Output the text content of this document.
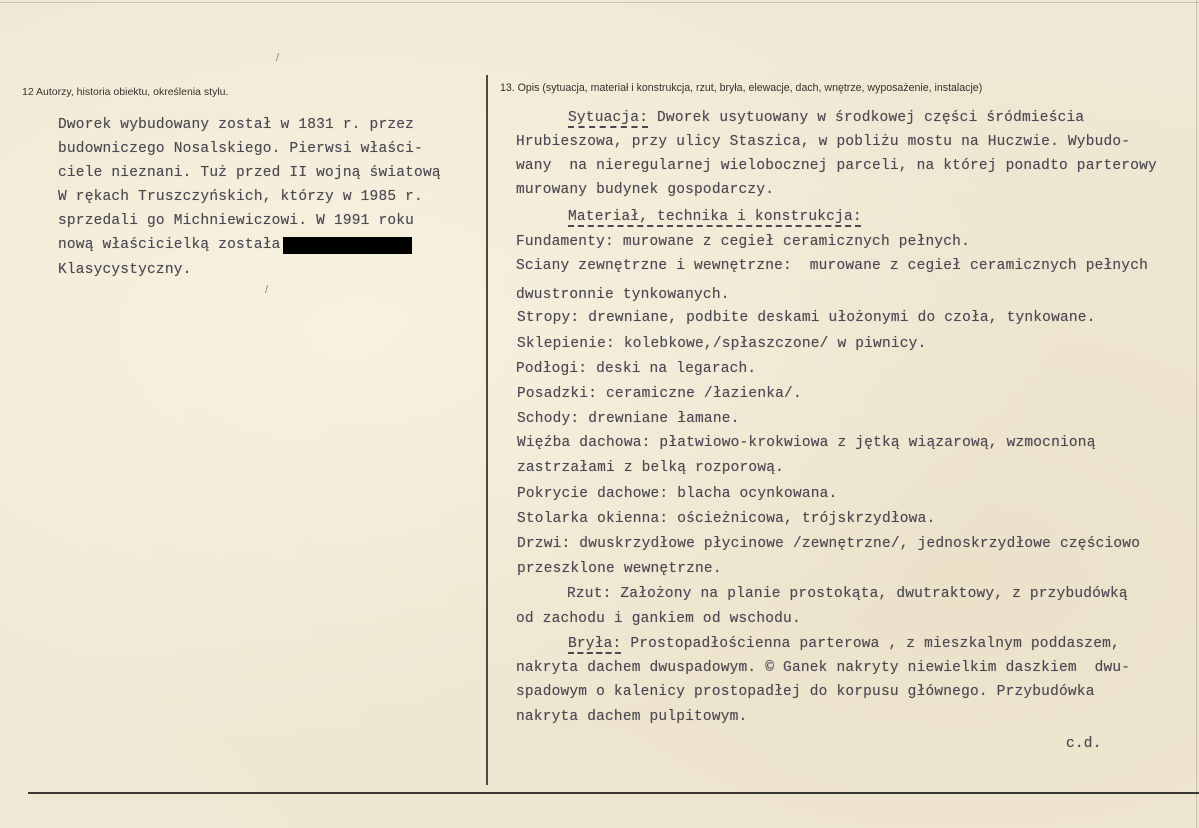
/
/
12 Autorzy, historia obiektu, określenia stylu.
Dworek wybudowany został w 1831 r. przez
budowniczego Nosalskiego. Pierwsi właści-
ciele nieznani. Tuż przed II wojną światową
W rękach Truszczyńskich, którzy w 1985 r.
sprzedali go Michniewiczowi. W 1991 roku
nową właścicielką została
Klasycystyczny.
13. Opis (sytuacja, materiał i konstrukcja, rzut, bryła, elewacje, dach, wnętrze, wyposażenie, instalacje)
Sytuacja: Dworek usytuowany w środkowej części śródmieścia
Hrubieszowa, przy ulicy Staszica, w pobliżu mostu na Huczwie. Wybudo-
wany  na nieregularnej wielobocznej parceli, na której ponadto parterowy
murowany budynek gospodarczy.
Materiał, technika i konstrukcja:
Fundamenty: murowane z cegieł ceramicznych pełnych.
Sciany zewnętrzne i wewnętrzne:  murowane z cegieł ceramicznych pełnych
dwustronnie tynkowanych.
Stropy: drewniane, podbite deskami ułożonymi do czoła, tynkowane.
Sklepienie: kolebkowe,/spłaszczone/ w piwnicy.
Podłogi: deski na legarach.
Posadzki: ceramiczne /łazienka/.
Schody: drewniane łamane.
Więźba dachowa: płatwiowo-krokwiowa z jętką wiązarową, wzmocnioną
zastrzałami z belką rozporową.
Pokrycie dachowe: blacha ocynkowana.
Stolarka okienna: ościeżnicowa, trójskrzydłowa.
Drzwi: dwuskrzydłowe płycinowe /zewnętrzne/, jednoskrzydłowe częściowo
przeszklone wewnętrzne.
Rzut: Założony na planie prostokąta, dwutraktowy, z przybudówką
od zachodu i gankiem od wschodu.
Bryła: Prostopadłościenna parterowa , z mieszkalnym poddaszem,
nakryta dachem dwuspadowym. © Ganek nakryty niewielkim daszkiem  dwu-
spadowym o kalenicy prostopadłej do korpusu głównego. Przybudówka
nakryta dachem pulpitowym.
c.d.
